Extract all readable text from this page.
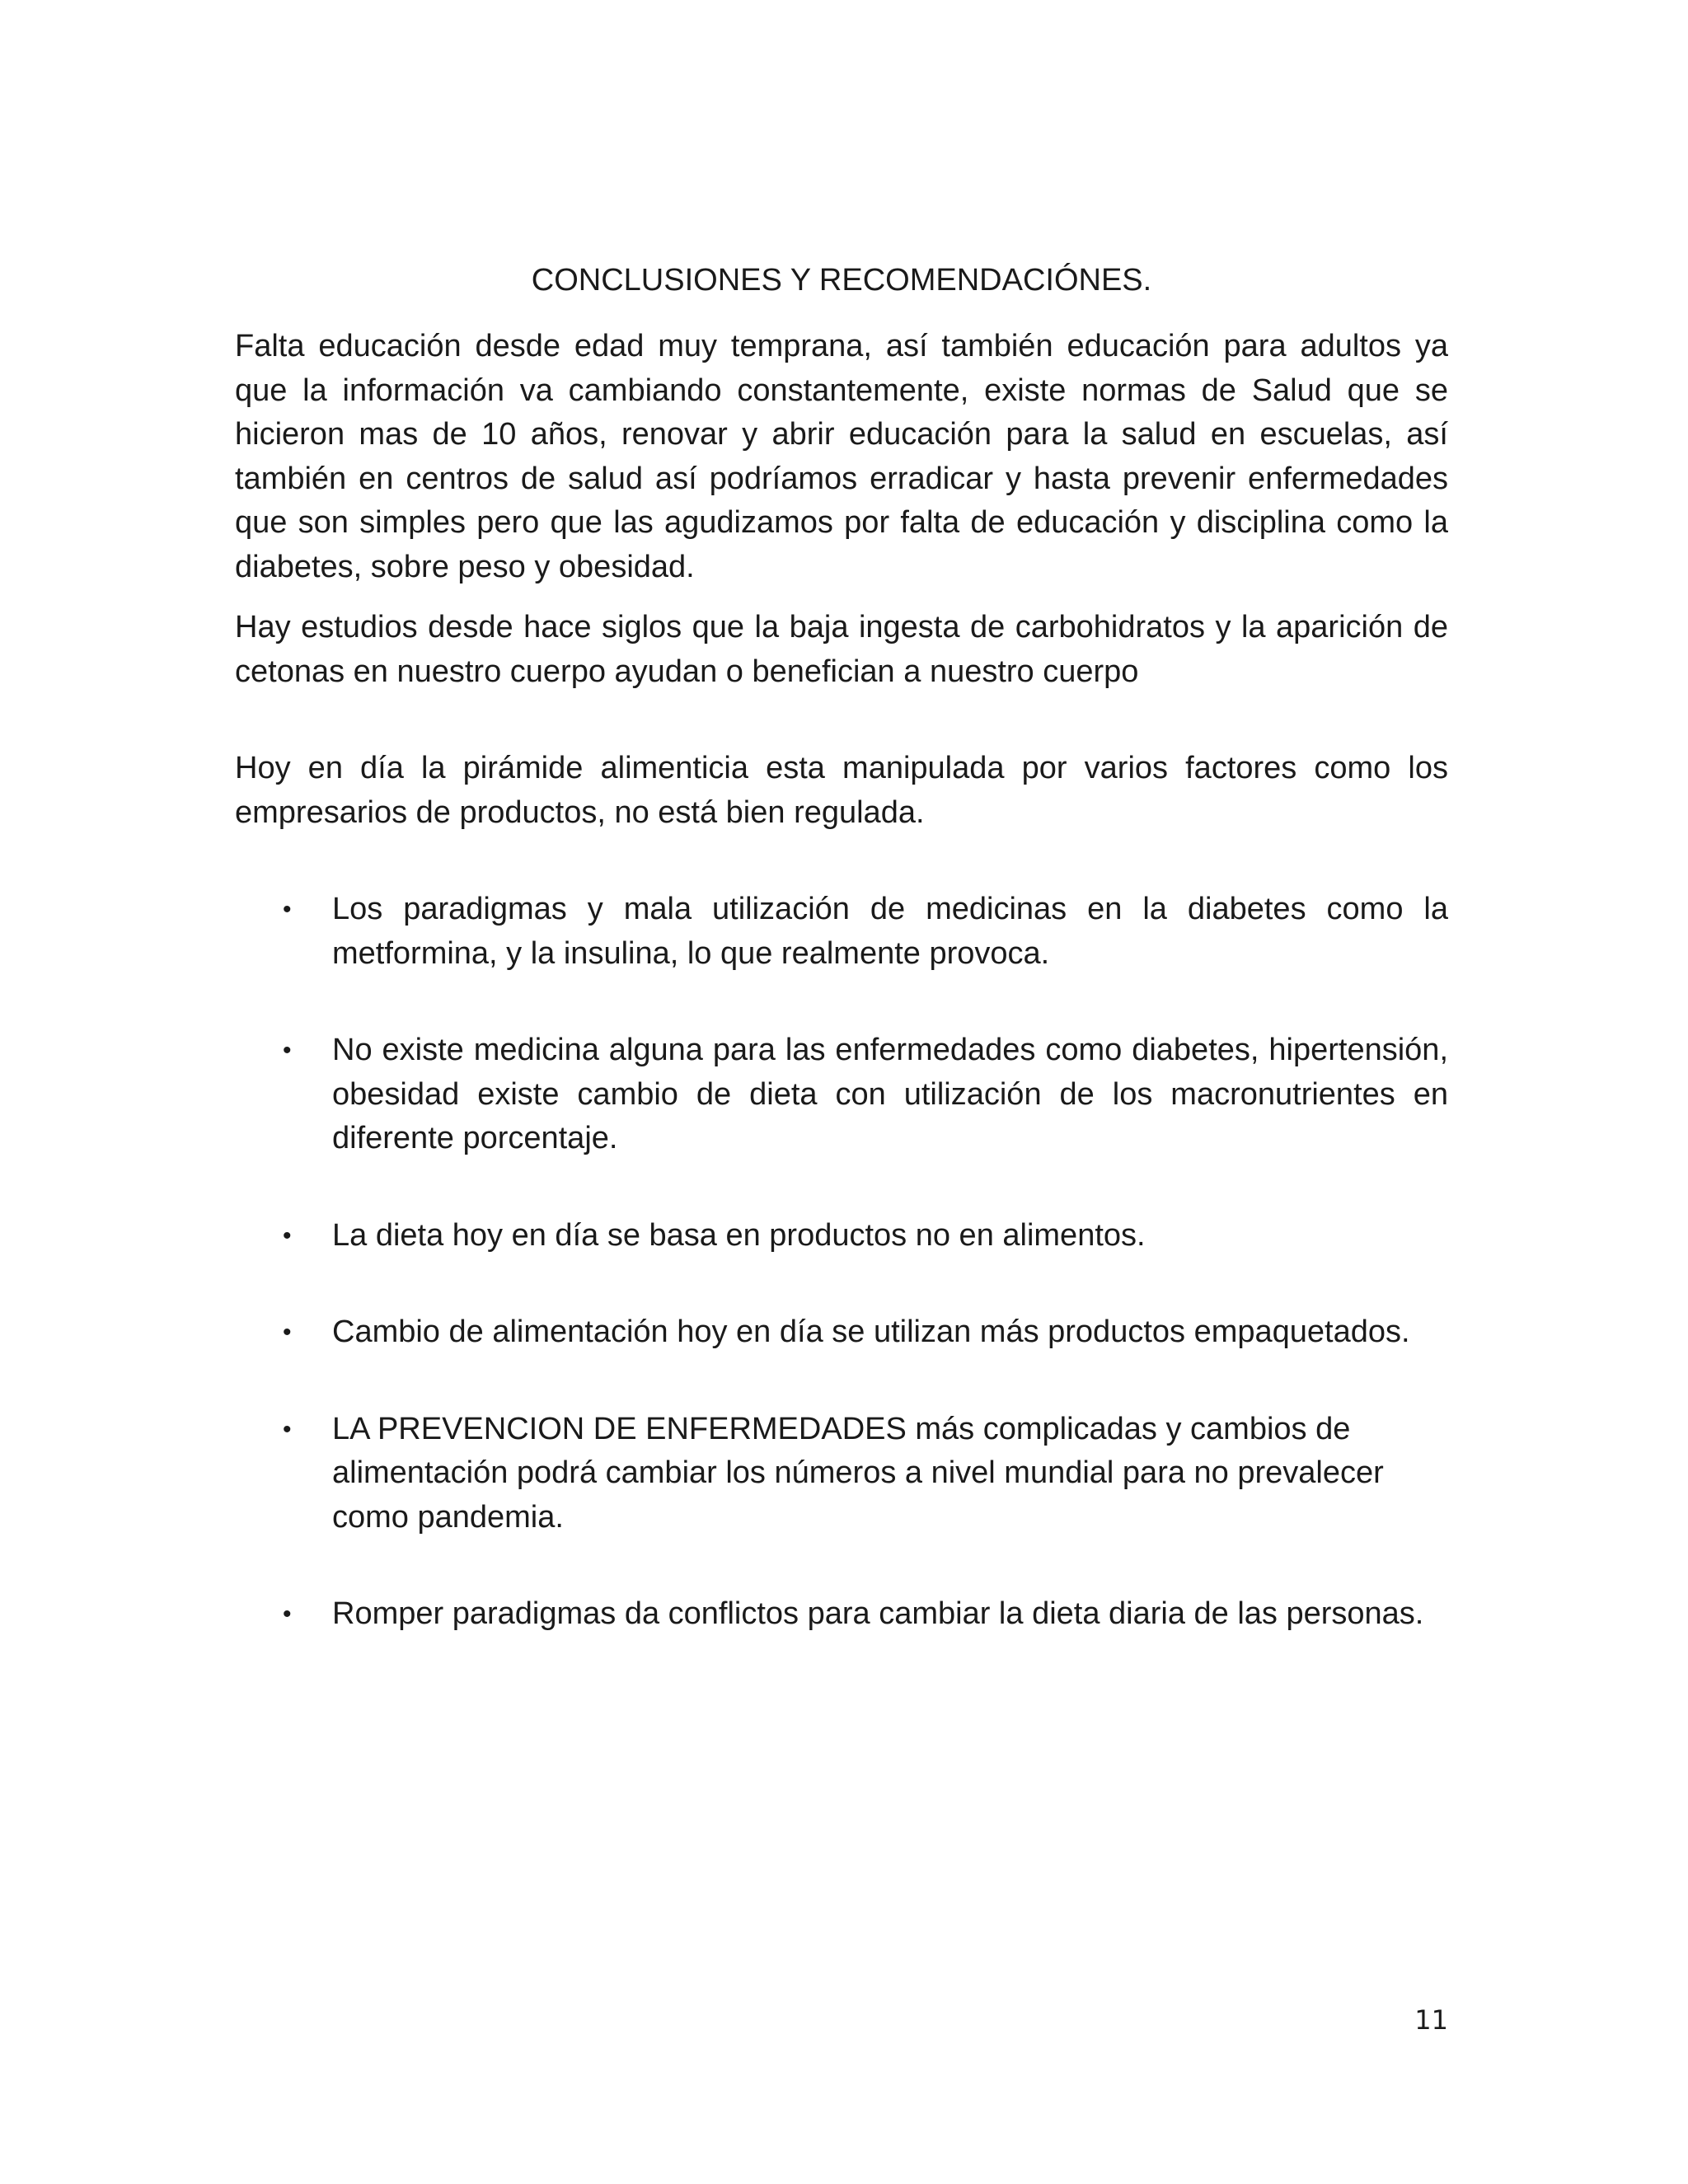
CONCLUSIONES Y RECOMENDACIÓNES.

Falta educación desde edad muy temprana, así también educación para adultos ya que la información va cambiando constantemente, existe normas de Salud que se hicieron mas de 10 años, renovar y abrir educación para la salud en escuelas, así también en centros de salud así podríamos erradicar y hasta prevenir enfermedades que son simples pero que las agudizamos por falta de educación y disciplina como la diabetes, sobre peso y obesidad.

Hay estudios desde hace siglos que la baja ingesta de carbohidratos y la aparición de cetonas en nuestro cuerpo ayudan o benefician a nuestro cuerpo

Hoy en día la pirámide alimenticia esta manipulada por varios factores como los empresarios de productos, no está bien regulada.

• Los paradigmas y mala utilización de medicinas en la diabetes como la metformina, y la insulina, lo que realmente provoca.
• No existe medicina alguna para las enfermedades como diabetes, hipertensión, obesidad existe cambio de dieta con utilización de los macronutrientes en diferente porcentaje.
• La dieta hoy en día se basa en productos no en alimentos.
• Cambio de alimentación hoy en día se utilizan más productos empaquetados.
• LA PREVENCION DE ENFERMEDADES más complicadas y cambios de alimentación podrá cambiar los números a nivel mundial para no prevalecer como pandemia.
• Romper paradigmas da conflictos para cambiar la dieta diaria de las personas.
11
